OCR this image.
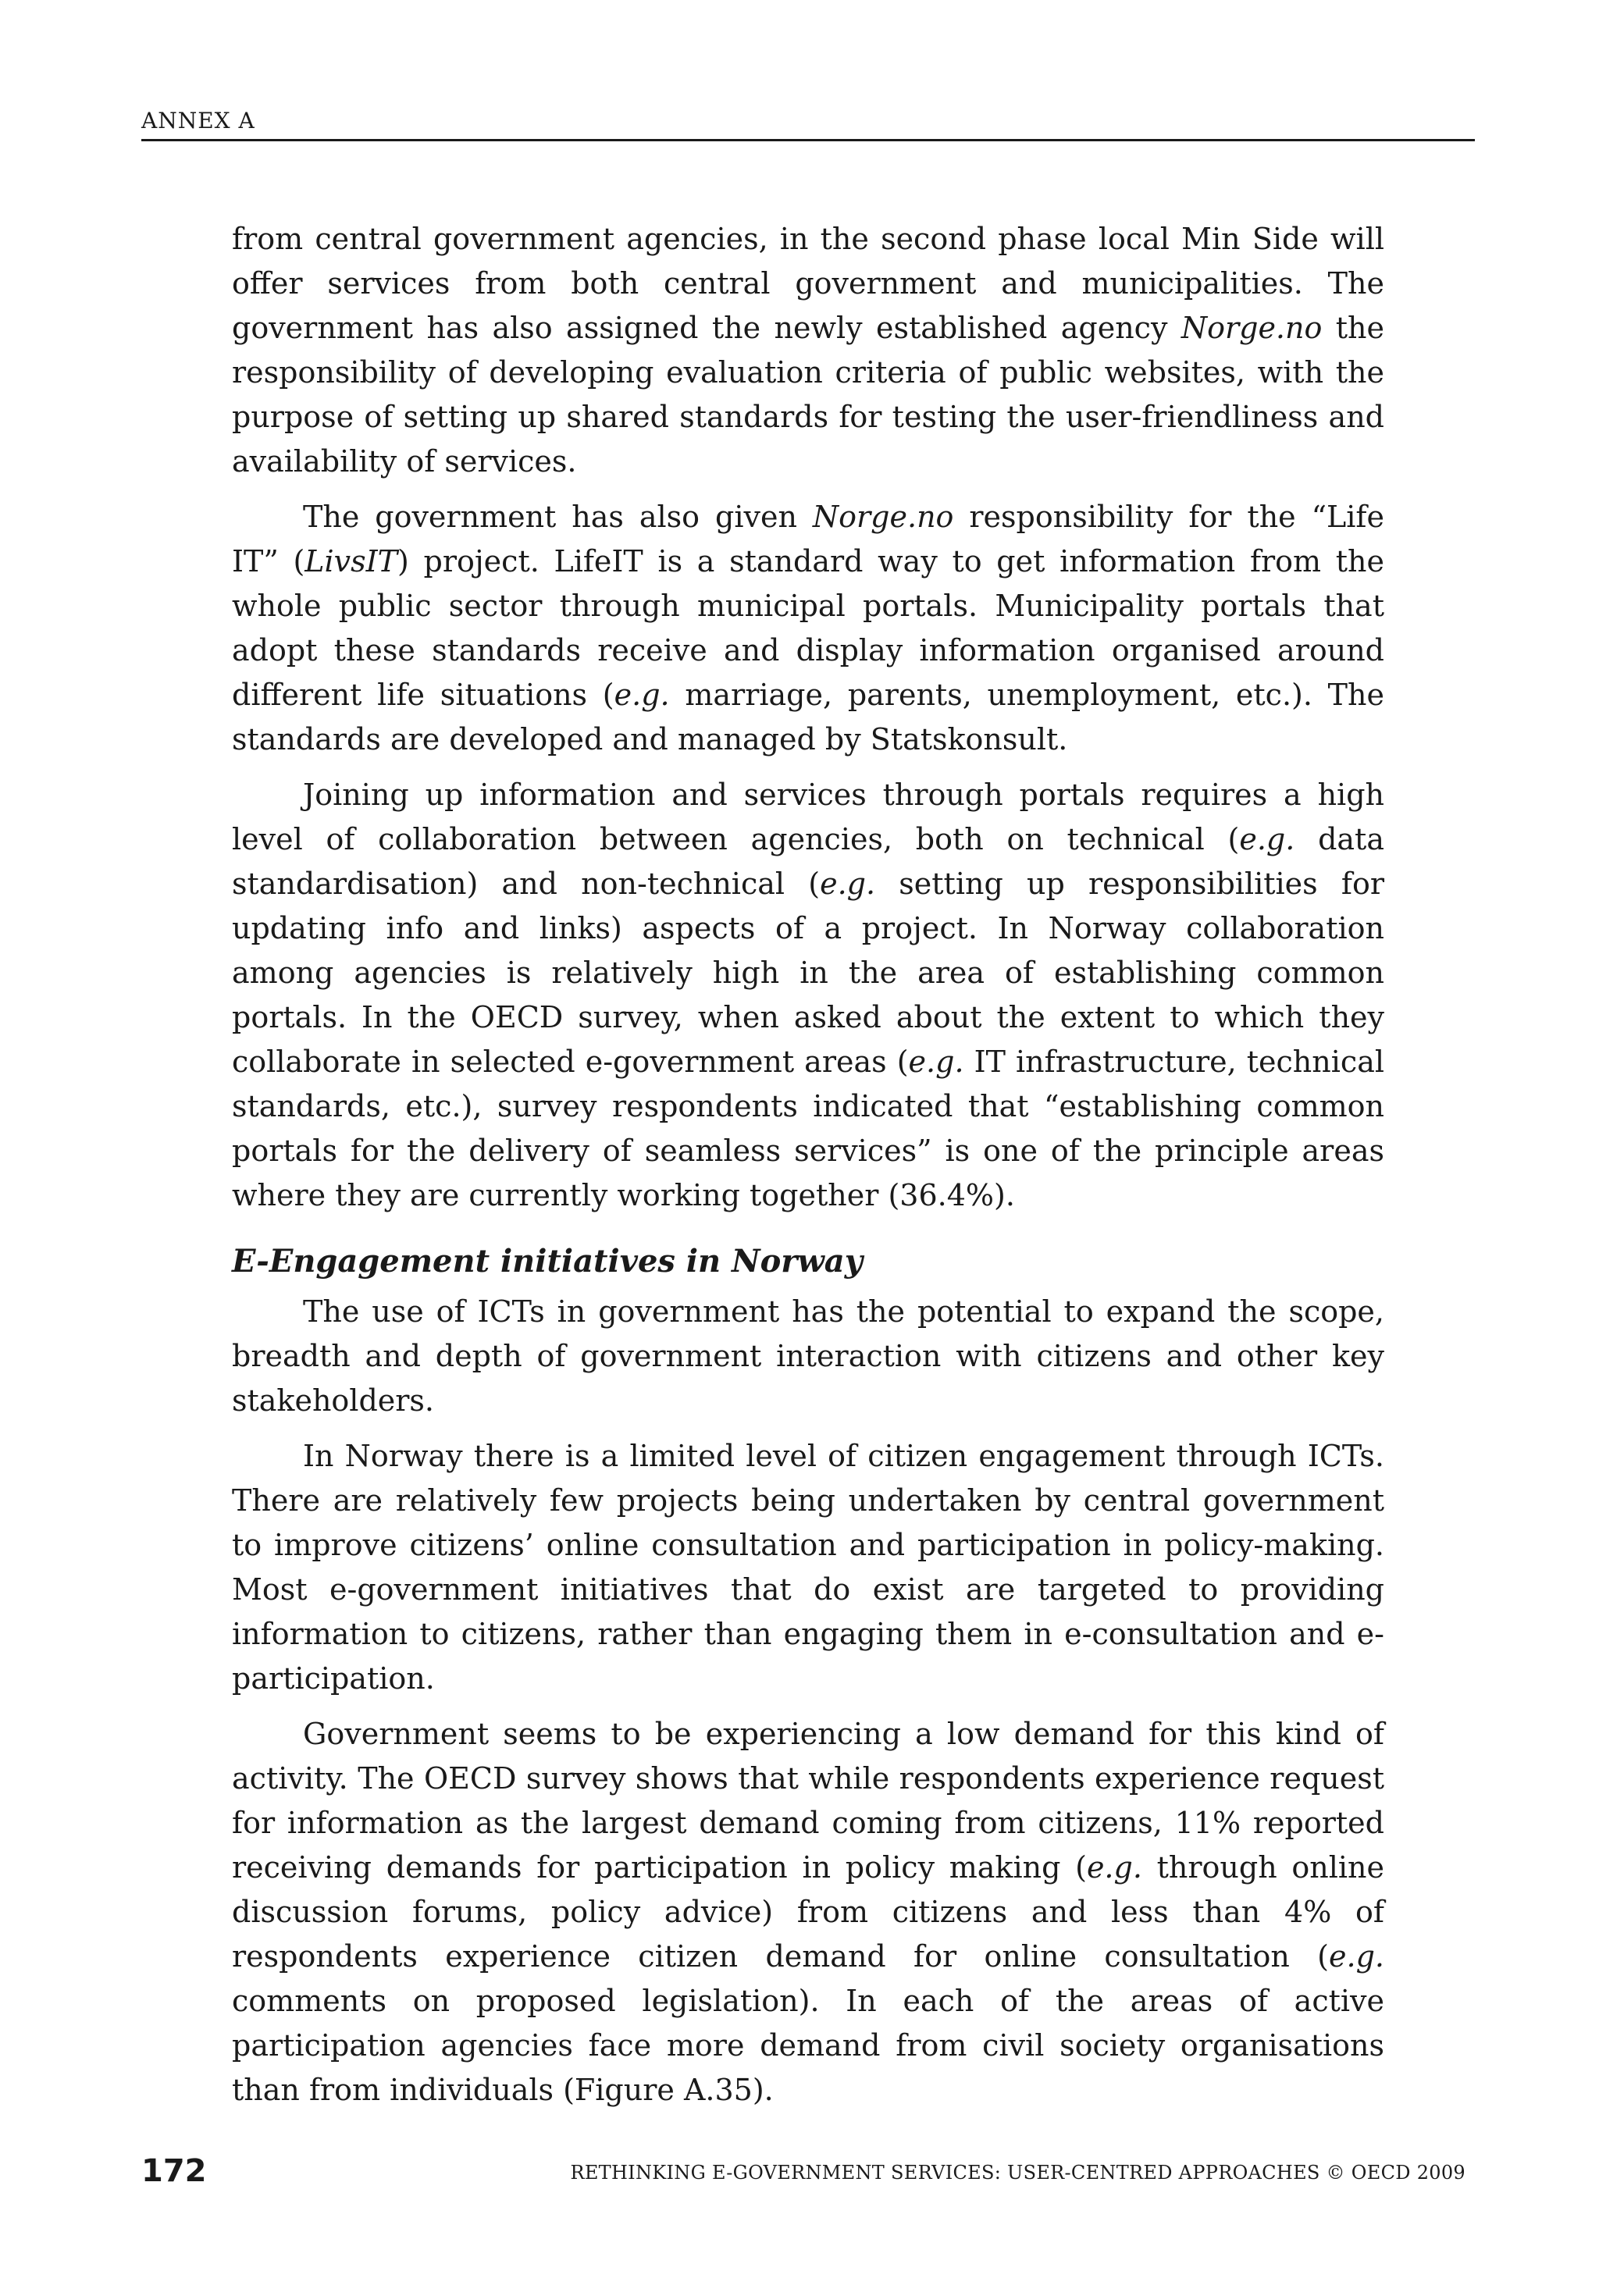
ANNEX A

from central government agencies, in the second phase local Min Side will offer services from both central government and municipalities. The government has also assigned the newly established agency Norge.no the responsibility of developing evaluation criteria of public websites, with the purpose of setting up shared standards for testing the user-friendliness and availability of services.

The government has also given Norge.no responsibility for the “Life IT” (LivsIT) project. LifeIT is a standard way to get information from the whole public sector through municipal portals. Municipality portals that adopt these standards receive and display information organised around different life situations (e.g. marriage, parents, unemployment, etc.). The standards are developed and managed by Statskonsult.

Joining up information and services through portals requires a high level of collaboration between agencies, both on technical (e.g. data standardisation) and non-technical (e.g. setting up responsibilities for updating info and links) aspects of a project. In Norway collaboration among agencies is relatively high in the area of establishing common portals. In the OECD survey, when asked about the extent to which they collaborate in selected e-government areas (e.g. IT infrastructure, technical standards, etc.), survey respondents indicated that “establishing common portals for the delivery of seamless services” is one of the principle areas where they are currently working together (36.4%).

E-Engagement initiatives in Norway

The use of ICTs in government has the potential to expand the scope, breadth and depth of government interaction with citizens and other key stakeholders.

In Norway there is a limited level of citizen engagement through ICTs. There are relatively few projects being undertaken by central government to improve citizens’ online consultation and participation in policy-making. Most e-government initiatives that do exist are targeted to providing information to citizens, rather than engaging them in e-consultation and e-participation.

Government seems to be experiencing a low demand for this kind of activity. The OECD survey shows that while respondents experience request for information as the largest demand coming from citizens, 11% reported receiving demands for participation in policy making (e.g. through online discussion forums, policy advice) from citizens and less than 4% of respondents experience citizen demand for online consultation (e.g. comments on proposed legislation). In each of the areas of active participation agencies face more demand from civil society organisations than from individuals (Figure A.35).

172	RETHINKING E-GOVERNMENT SERVICES: USER-CENTRED APPROACHES © OECD 2009
